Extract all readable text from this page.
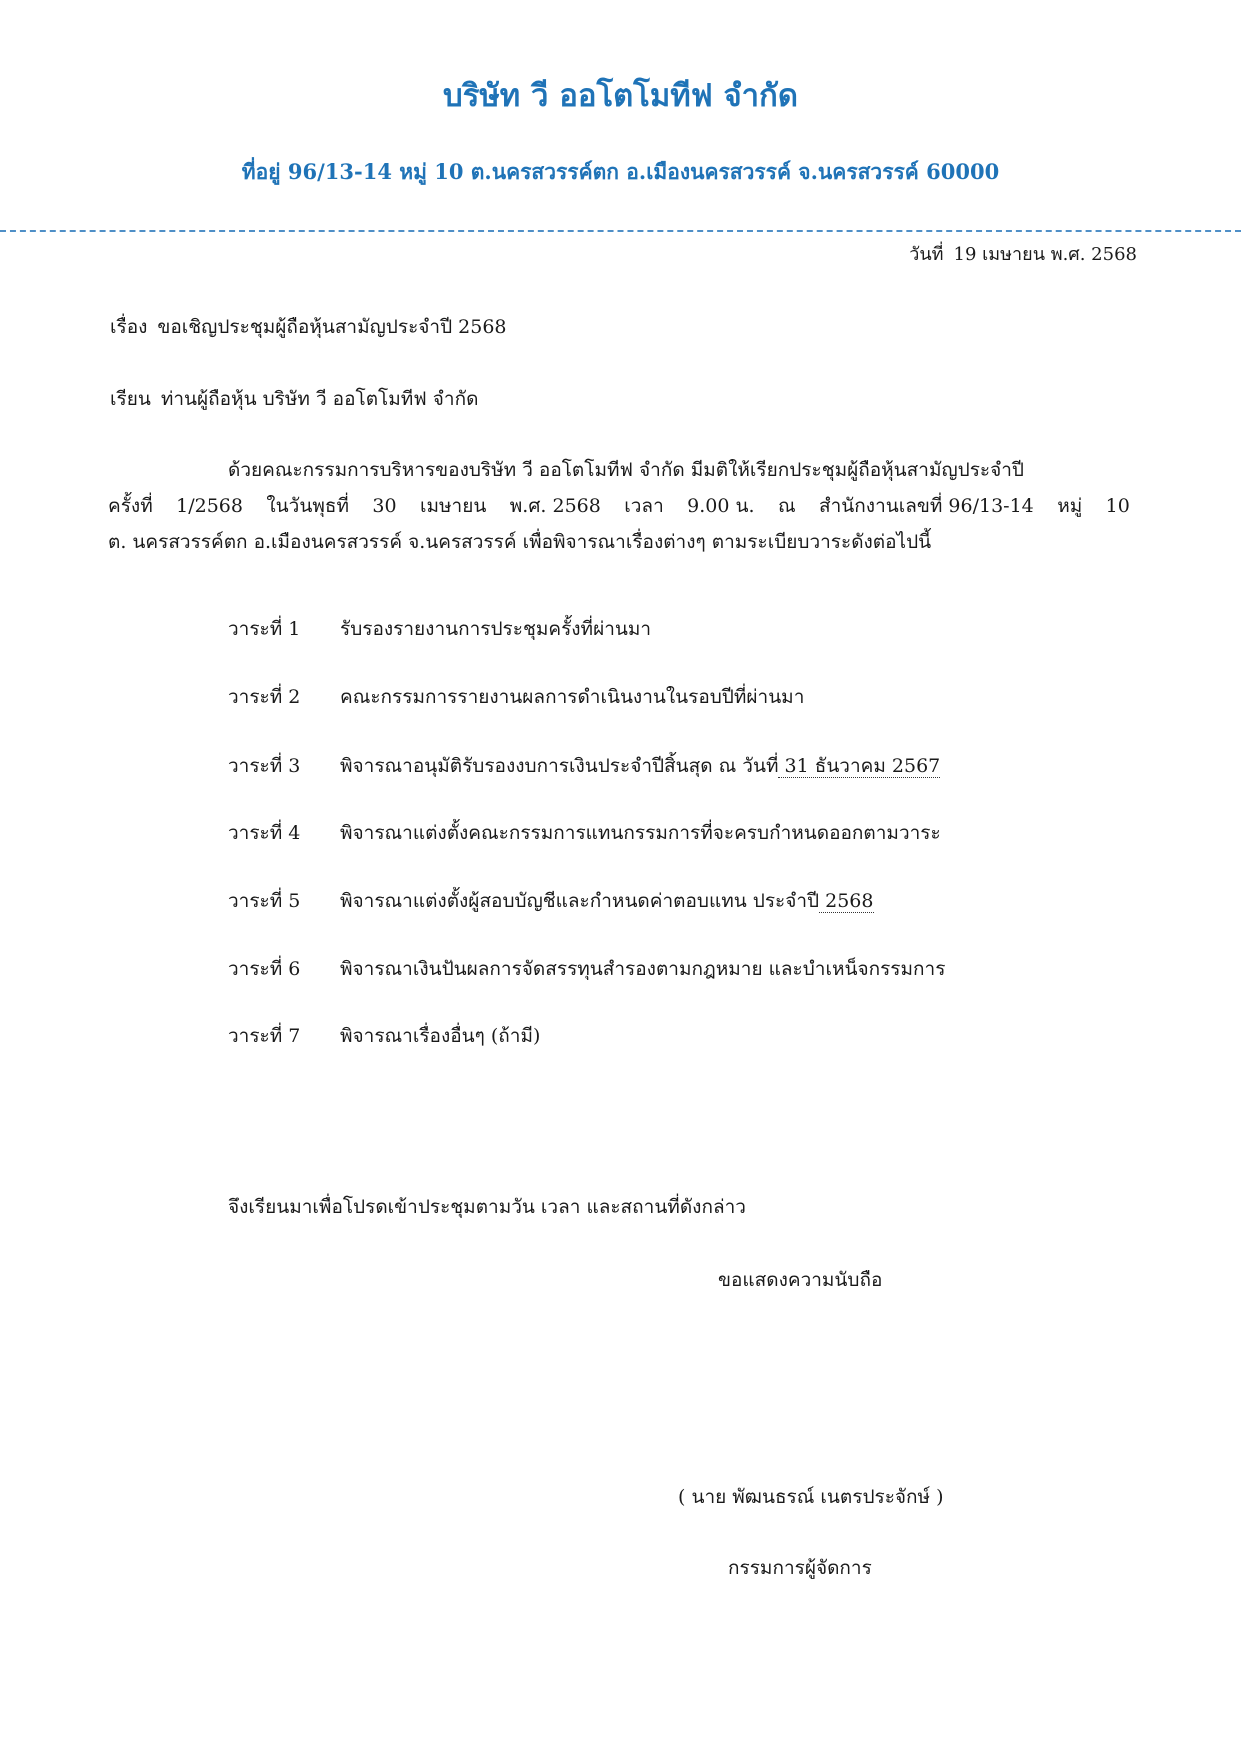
บริษัท วี ออโตโมทีฟ จำกัด
ที่อยู่ 96/13-14 หมู่ 10 ต.นครสวรรค์ตก อ.เมืองนครสวรรค์ จ.นครสวรรค์ 60000
วันที่ 19 เมษายน พ.ศ. 2568
เรื่อง ขอเชิญประชุมผู้ถือหุ้นสามัญประจำปี 2568
เรียน ท่านผู้ถือหุ้น บริษัท วี ออโตโมทีฟ จำกัด
ด้วยคณะกรรมการบริหารของบริษัท วี ออโตโมทีฟ จำกัด มีมติให้เรียกประชุมผู้ถือหุ้นสามัญประจำปี
ครั้งที่ 1/2568 ในวันพุธที่ 30 เมษายน พ.ศ. 2568 เวลา 9.00 น. ณ สำนักงานเลขที่ 96/13-14 หมู่ 10
ต. นครสวรรค์ตก อ.เมืองนครสวรรค์ จ.นครสวรรค์ เพื่อพิจารณาเรื่องต่างๆ ตามระเบียบวาระดังต่อไปนี้
วาระที่ 1 รับรองรายงานการประชุมครั้งที่ผ่านมา
วาระที่ 2 คณะกรรมการรายงานผลการดำเนินงานในรอบปีที่ผ่านมา
วาระที่ 3 พิจารณาอนุมัติรับรองงบการเงินประจำปีสิ้นสุด ณ วันที่ 31 ธันวาคม 2567
วาระที่ 4 พิจารณาแต่งตั้งคณะกรรมการแทนกรรมการที่จะครบกำหนดออกตามวาระ
วาระที่ 5 พิจารณาแต่งตั้งผู้สอบบัญชีและกำหนดค่าตอบแทน ประจำปี 2568
วาระที่ 6 พิจารณาเงินปันผลการจัดสรรทุนสำรองตามกฎหมาย และบำเหน็จกรรมการ
วาระที่ 7 พิจารณาเรื่องอื่นๆ (ถ้ามี)
จึงเรียนมาเพื่อโปรดเข้าประชุมตามวัน เวลา และสถานที่ดังกล่าว
ขอแสดงความนับถือ
( นาย พัฒนธรณ์ เนตรประจักษ์ )
กรรมการผู้จัดการ
